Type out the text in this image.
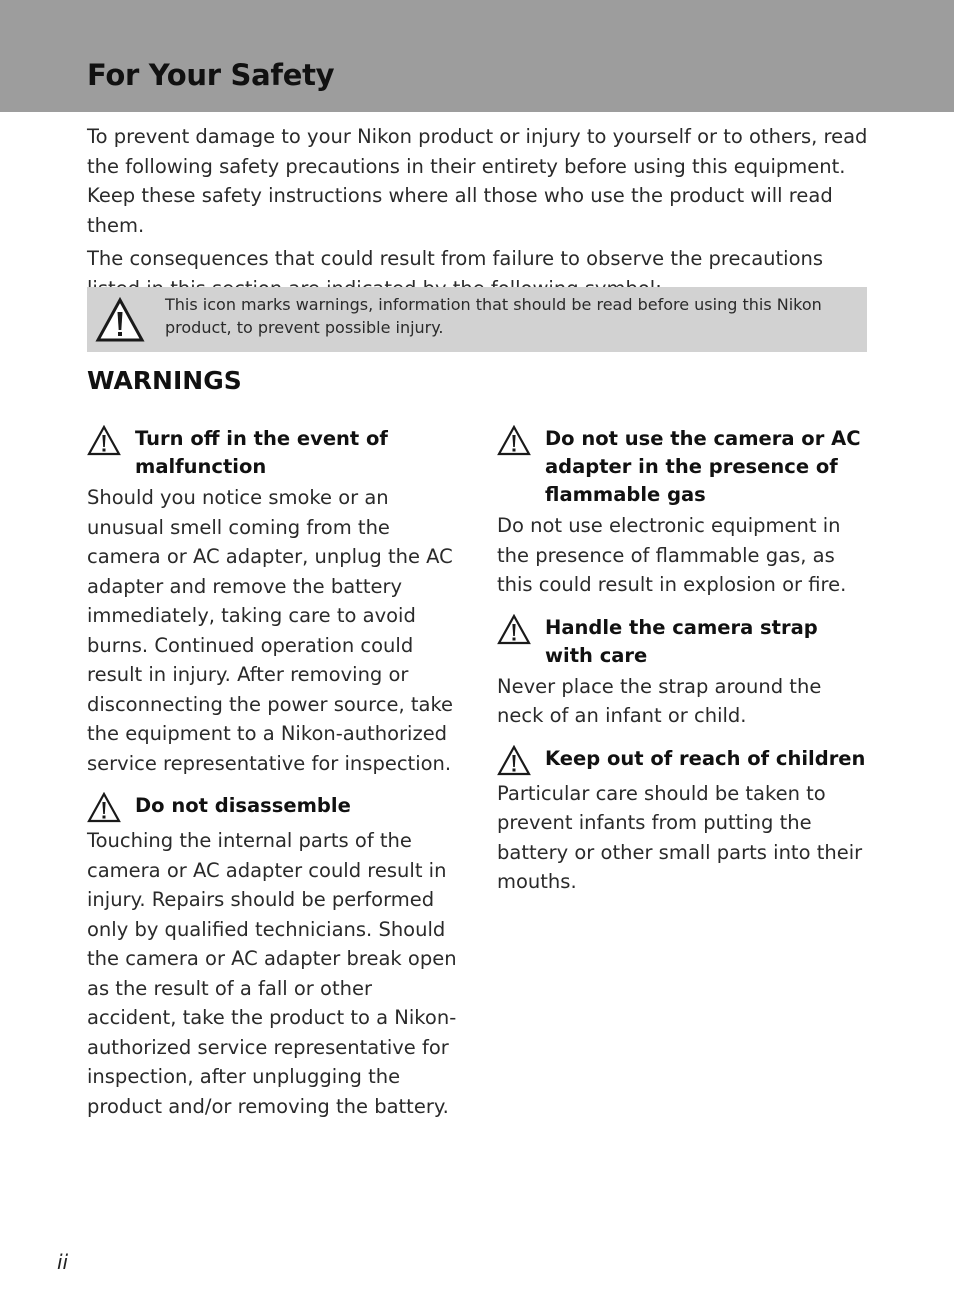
For Your Safety

To prevent damage to your Nikon product or injury to yourself or to others, read the following safety precautions in their entirety before using this equipment. Keep these safety instructions where all those who use the product will read them.

The consequences that could result from failure to observe the precautions

This icon marks warnings, information that should be read before using this Nikon product, to prevent possible injury.

WARNINGS
Turn off in the event of malfunction

Should you notice smoke or an unusual smell coming from the camera or AC adapter, unplug the AC adapter and remove the battery immediately, taking care to avoid burns. Continued operation could result in injury. After removing or disconnecting the power source, take the equipment to a Nikon-authorized service representative for inspection.

Do not disassemble

Touching the internal parts of the camera or AC adapter could result in injury. Repairs should be performed only by qualified technicians. Should the camera or AC adapter break open as the result of a fall or other accident, take the product to a Nikon-authorized service representative for inspection, after unplugging the product and/or removing the battery.

Do not use the camera or AC adapter in the presence of flammable gas

Do not use electronic equipment in the presence of flammable gas, as this could result in explosion or fire.

Handle the camera strap with care

Never place the strap around the neck of an infant or child.

Keep out of reach of children

Particular care should be taken to prevent infants from putting the battery or other small parts into their mouths.

ii
